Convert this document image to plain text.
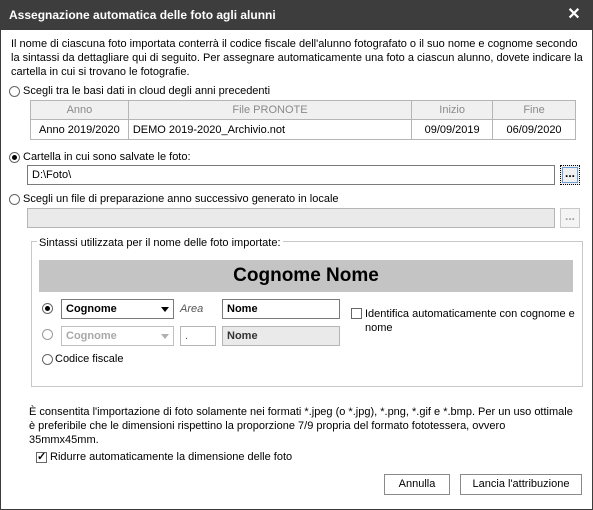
Assegnazione automatica delle foto agli alunni	✕
Il nome di ciascuna foto importata conterrà il codice fiscale dell'alunno fotografato o il suo nome e cognome secondo la sintassi da dettagliare qui di seguito. Per assegnare automaticamente una foto a ciascun alunno, dovete indicare la cartella in cui si trovano le fotografie.
Scegli tra le basi dati in cloud degli anni precedenti
Anno	File PRONOTE	Inizio	Fine
Anno 2019/2020	DEMO 2019-2020_Archivio.not	09/09/2019	06/09/2020
Cartella in cui sono salvate le foto:
D:\Foto\	...
Scegli un file di preparazione anno successivo generato in locale
...
Sintassi utilizzata per il nome delle foto importate:
Cognome Nome
Cognome	Area	Nome	Identifica automaticamente con cognome e
nome
Cognome	.	Nome
Codice fiscale
È consentita l'importazione di foto solamente nei formati *.jpeg (o *.jpg), *.png, *.gif e *.bmp. Per un uso ottimale è preferibile che le dimensioni rispettino la proporzione 7/9 propria del formato fototessera, ovvero 35mmx45mm.
✓
Ridurre automaticamente la dimensione delle foto
Annulla	Lancia l'attribuzione
